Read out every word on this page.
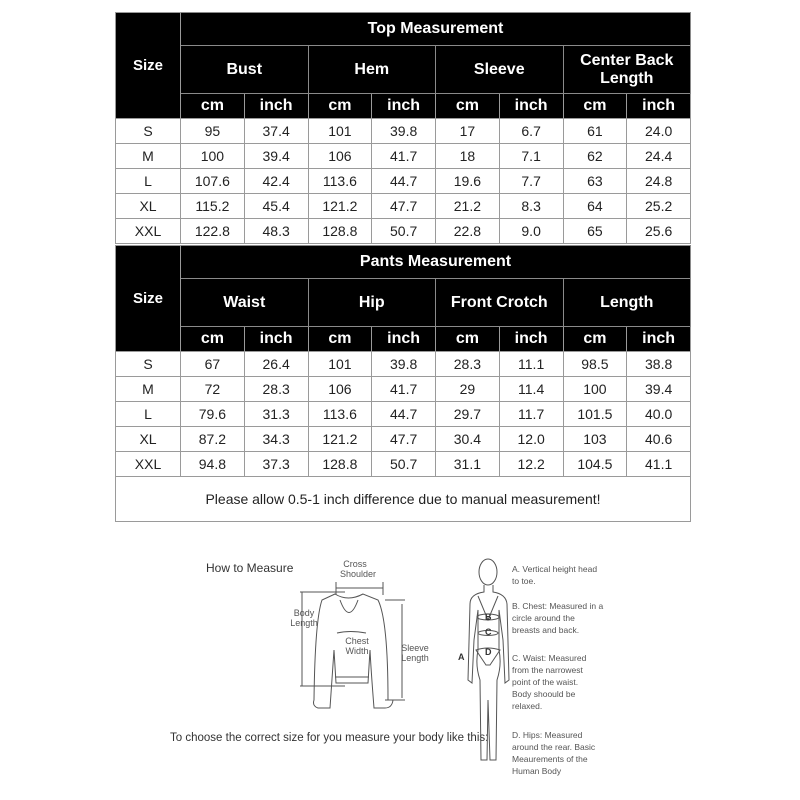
Size	Top Measurement							
	Bust		Hem		Sleeve		Center Back Length	
	cm	inch	cm	inch	cm	inch	cm	inch
S	95	37.4	101	39.8	17	6.7	61	24.0
M	100	39.4	106	41.7	18	7.1	62	24.4
L	107.6	42.4	113.6	44.7	19.6	7.7	63	24.8
XL	115.2	45.4	121.2	47.7	21.2	8.3	64	25.2
XXL	122.8	48.3	128.8	50.7	22.8	9.0	65	25.6
Size	Pants Measurement							
	Waist		Hip		Front Crotch		Length	
	cm	inch	cm	inch	cm	inch	cm	inch
S	67	26.4	101	39.8	28.3	11.1	98.5	38.8
M	72	28.3	106	41.7	29	11.4	100	39.4
L	79.6	31.3	113.6	44.7	29.7	11.7	101.5	40.0
XL	87.2	34.3	121.2	47.7	30.4	12.0	103	40.6
XXL	94.8	37.3	128.8	50.7	31.1	12.2	104.5	41.1
Please allow 0.5-1 inch difference due to manual measurement!								
How to Measure
To choose the correct size for you measure your body like this:
Cross Shoulder
Body Length
Chest Width	Sleeve Length	A
B
C
D
A. Vertical height head to toe.
B. Chest: Measured in a circle around the breasts and back.
C. Waist: Measured from the narrowest point of the waist. Body shoould be relaxed.
D. Hips: Measured around the rear. Basic Meaurements of the Human Body
